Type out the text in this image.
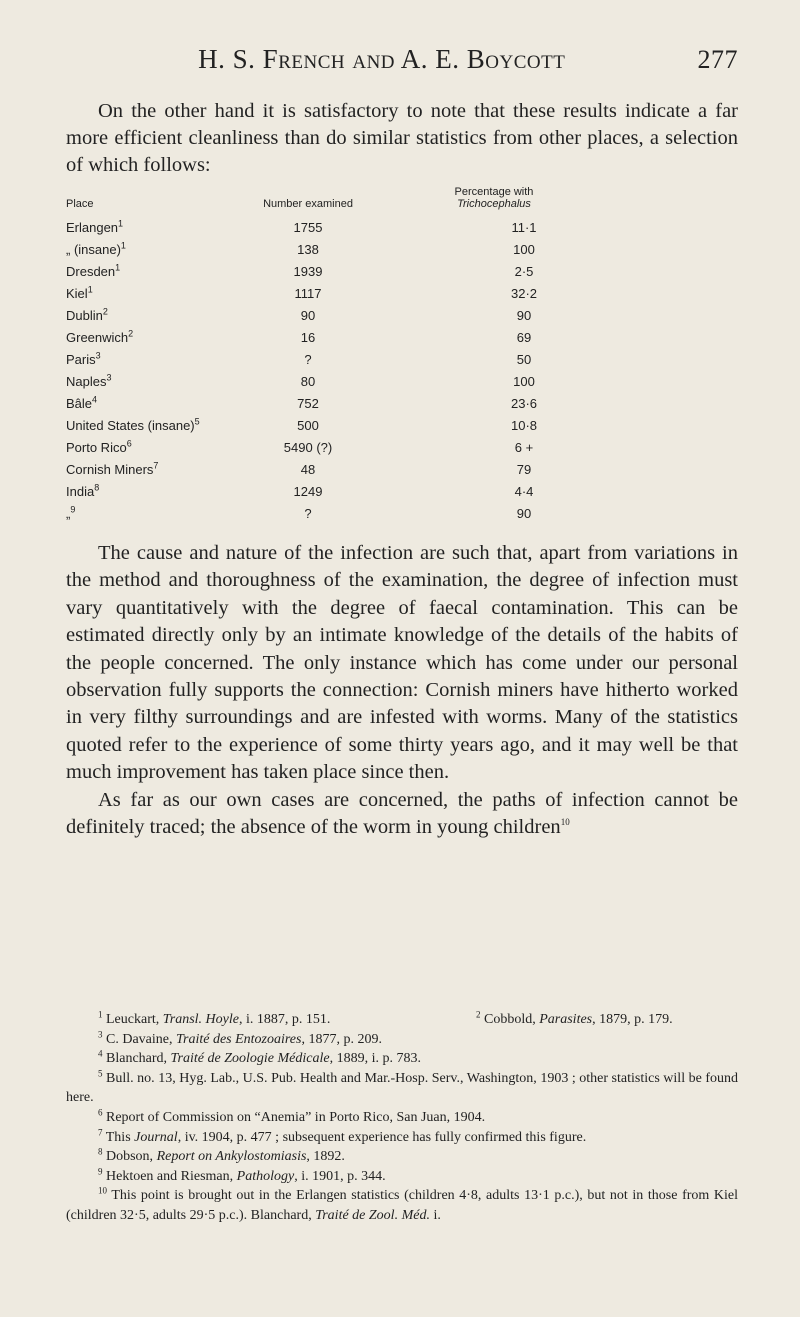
H. S. French and A. E. Boycott	277

On the other hand it is satisfactory to note that these results indicate a far more efficient cleanliness than do similar statistics from other places, a selection of which follows:

Place	Number examined	Percentage with
Trichocephalus
Erlangen$^1$	1755	11·1
„ (insane)$^1$	138	100
Dresden$^1$	1939	2·5
Kiel$^1$	1117	32·2
Dublin$^2$	90	90
Greenwich$^2$	16	69
Paris$^3$	?	50
Naples$^3$	80	100
Bâle$^4$	752	23·6
United States (insane)$^5$	500	10·8
Porto Rico$^6$	5490 (?)	6 +
Cornish Miners$^7$	48	79
India$^8$	1249	4·4
„$^9$	?	90

The cause and nature of the infection are such that, apart from variations in the method and thoroughness of the examination, the degree of infection must vary quantitatively with the degree of faecal contamination. This can be estimated directly only by an intimate knowledge of the details of the habits of the people concerned. The only instance which has come under our personal observation fully supports the connection: Cornish miners have hitherto worked in very filthy surroundings and are infested with worms. Many of the statistics quoted refer to the experience of some thirty years ago, and it may well be that much improvement has taken place since then.

As far as our own cases are concerned, the paths of infection cannot be definitely traced; the absence of the worm in young children$^{10}$

$^1$ Leuckart, Transl. Hoyle, i. 1887, p. 151.	$^2$ Cobbold, Parasites, 1879, p. 179.

$^3$ C. Davaine, Traité des Entozoaires, 1877, p. 209.

$^4$ Blanchard, Traité de Zoologie Médicale, 1889, i. p. 783.

$^5$ Bull. no. 13, Hyg. Lab., U.S. Pub. Health and Mar.-Hosp. Serv., Washington, 1903 ; other statistics will be found here.

$^6$ Report of Commission on “Anemia” in Porto Rico, San Juan, 1904.

$^7$ This Journal, iv. 1904, p. 477 ; subsequent experience has fully confirmed this figure.

$^8$ Dobson, Report on Ankylostomiasis, 1892.

$^9$ Hektoen and Riesman, Pathology, i. 1901, p. 344.

$^{10}$ This point is brought out in the Erlangen statistics (children 4·8, adults 13·1 p.c.), but not in those from Kiel (children 32·5, adults 29·5 p.c.). Blanchard, Traité de Zool. Méd. i.
